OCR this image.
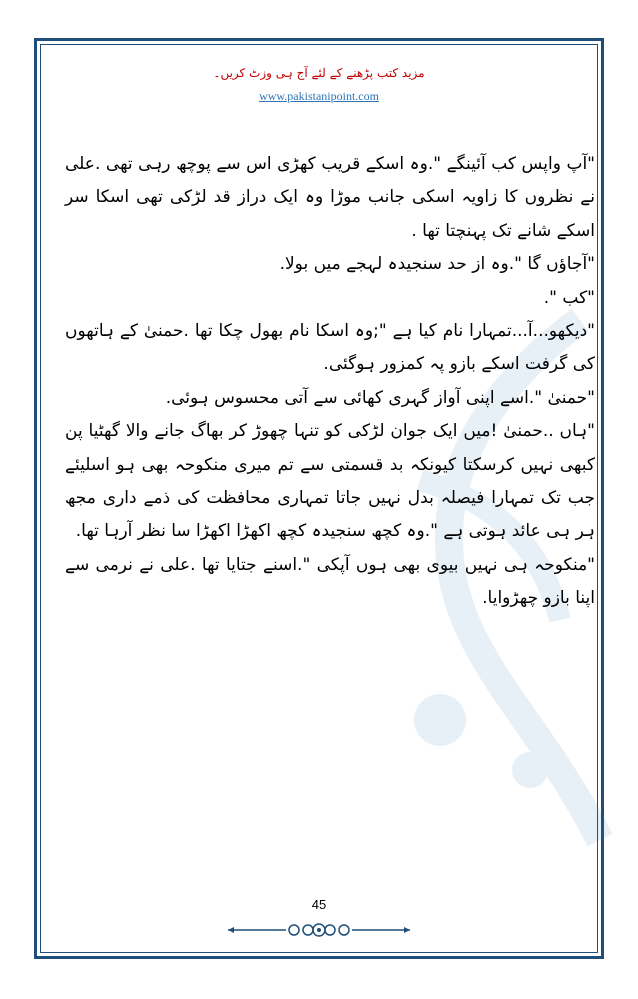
مزید کتب پڑھنے کے لئے آج ہی وزٹ کریں۔
www.pakistanipoint.com

"آپ واپس کب آئینگے ".وہ اسکے قریب کھڑی اس سے پوچھ رہی تھی .علی نے نظروں کا زاویہ اسکی جانب موڑا وہ ایک دراز قد لڑکی تھی اسکا سر اسکے شانے تک پہنچتا تھا .

"آجاؤں گا ".وہ از حد سنجیدہ لہجے میں بولا.

"کب ".

"دیکھو...آ...تمہارا نام کیا ہے ";وہ اسکا نام بھول چکا تھا .حمنیٰ کے ہاتھوں کی گرفت اسکے بازو پہ کمزور ہوگئی.

"حمنیٰ ".اسے اپنی آواز گہری کھائی سے آتی محسوس ہوئی.

"ہاں ..حمنیٰ !میں ایک جوان لڑکی کو تنہا چھوڑ کر بھاگ جانے والا گھٹیا پن کبھی نہیں کرسکتا کیونکہ بد قسمتی سے تم میری منکوحہ بھی ہو اسلیئے جب تک تمہارا فیصلہ بدل نہیں جاتا تمہاری محافظت کی ذمے داری مجھ ہر ہی عائد ہوتی ہے ".وہ کچھ سنجیدہ کچھ اکھڑا اکھڑا سا نظر آرہا تھا.

"منکوحہ ہی نہیں بیوی بھی ہوں آپکی ".اسنے جتایا تھا .علی نے نرمی سے اپنا بازو چھڑوایا.

45
